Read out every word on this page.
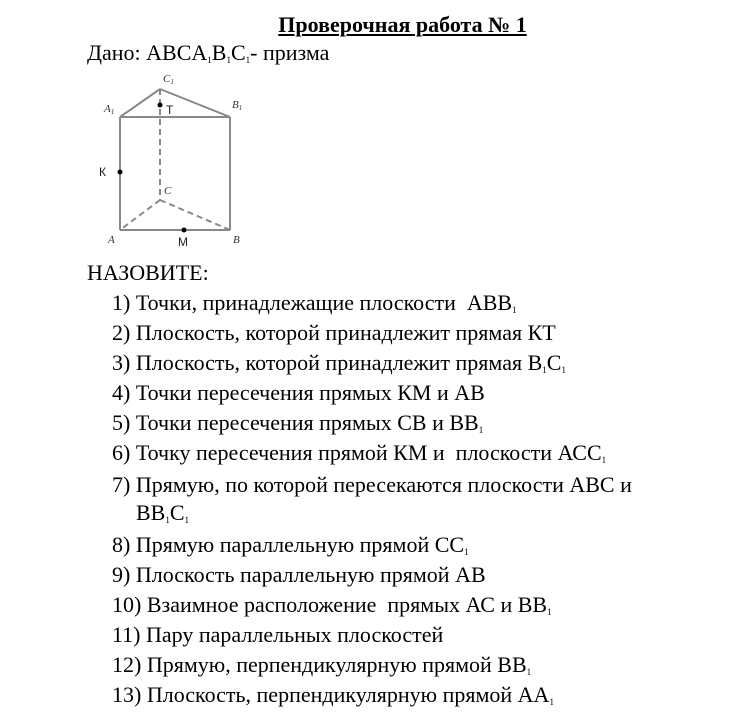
Проверочная работа № 1
Дано: $ABCA_1B_1C_1-$ призма
A1
B1
C1
A	B
C
T
К
М
НАЗОВИТЕ:
1) Точки, принадлежащие плоскости  $ABB_1$
2) Плоскость, которой принадлежит прямая КТ
3) Плоскость, которой принадлежит прямая $B_1C_1$
4) Точки пересечения прямых КМ и АВ
5) Точки пересечения прямых СВ и $ВВ_1$
6) Точку пересечения прямой КМ и  плоскости $АСС_1$
7) Прямую, по которой пересекаются плоскости АВС и
$BB_1C_1$
8) Прямую параллельную прямой $СС_1$
9) Плоскость параллельную прямой АВ
10) Взаимное расположение  прямых АС и $ВВ_1$
11) Пару параллельных плоскостей
12) Прямую, перпендикулярную прямой $ВВ_1$
13) Плоскость, перпендикулярную прямой $АА_1$
